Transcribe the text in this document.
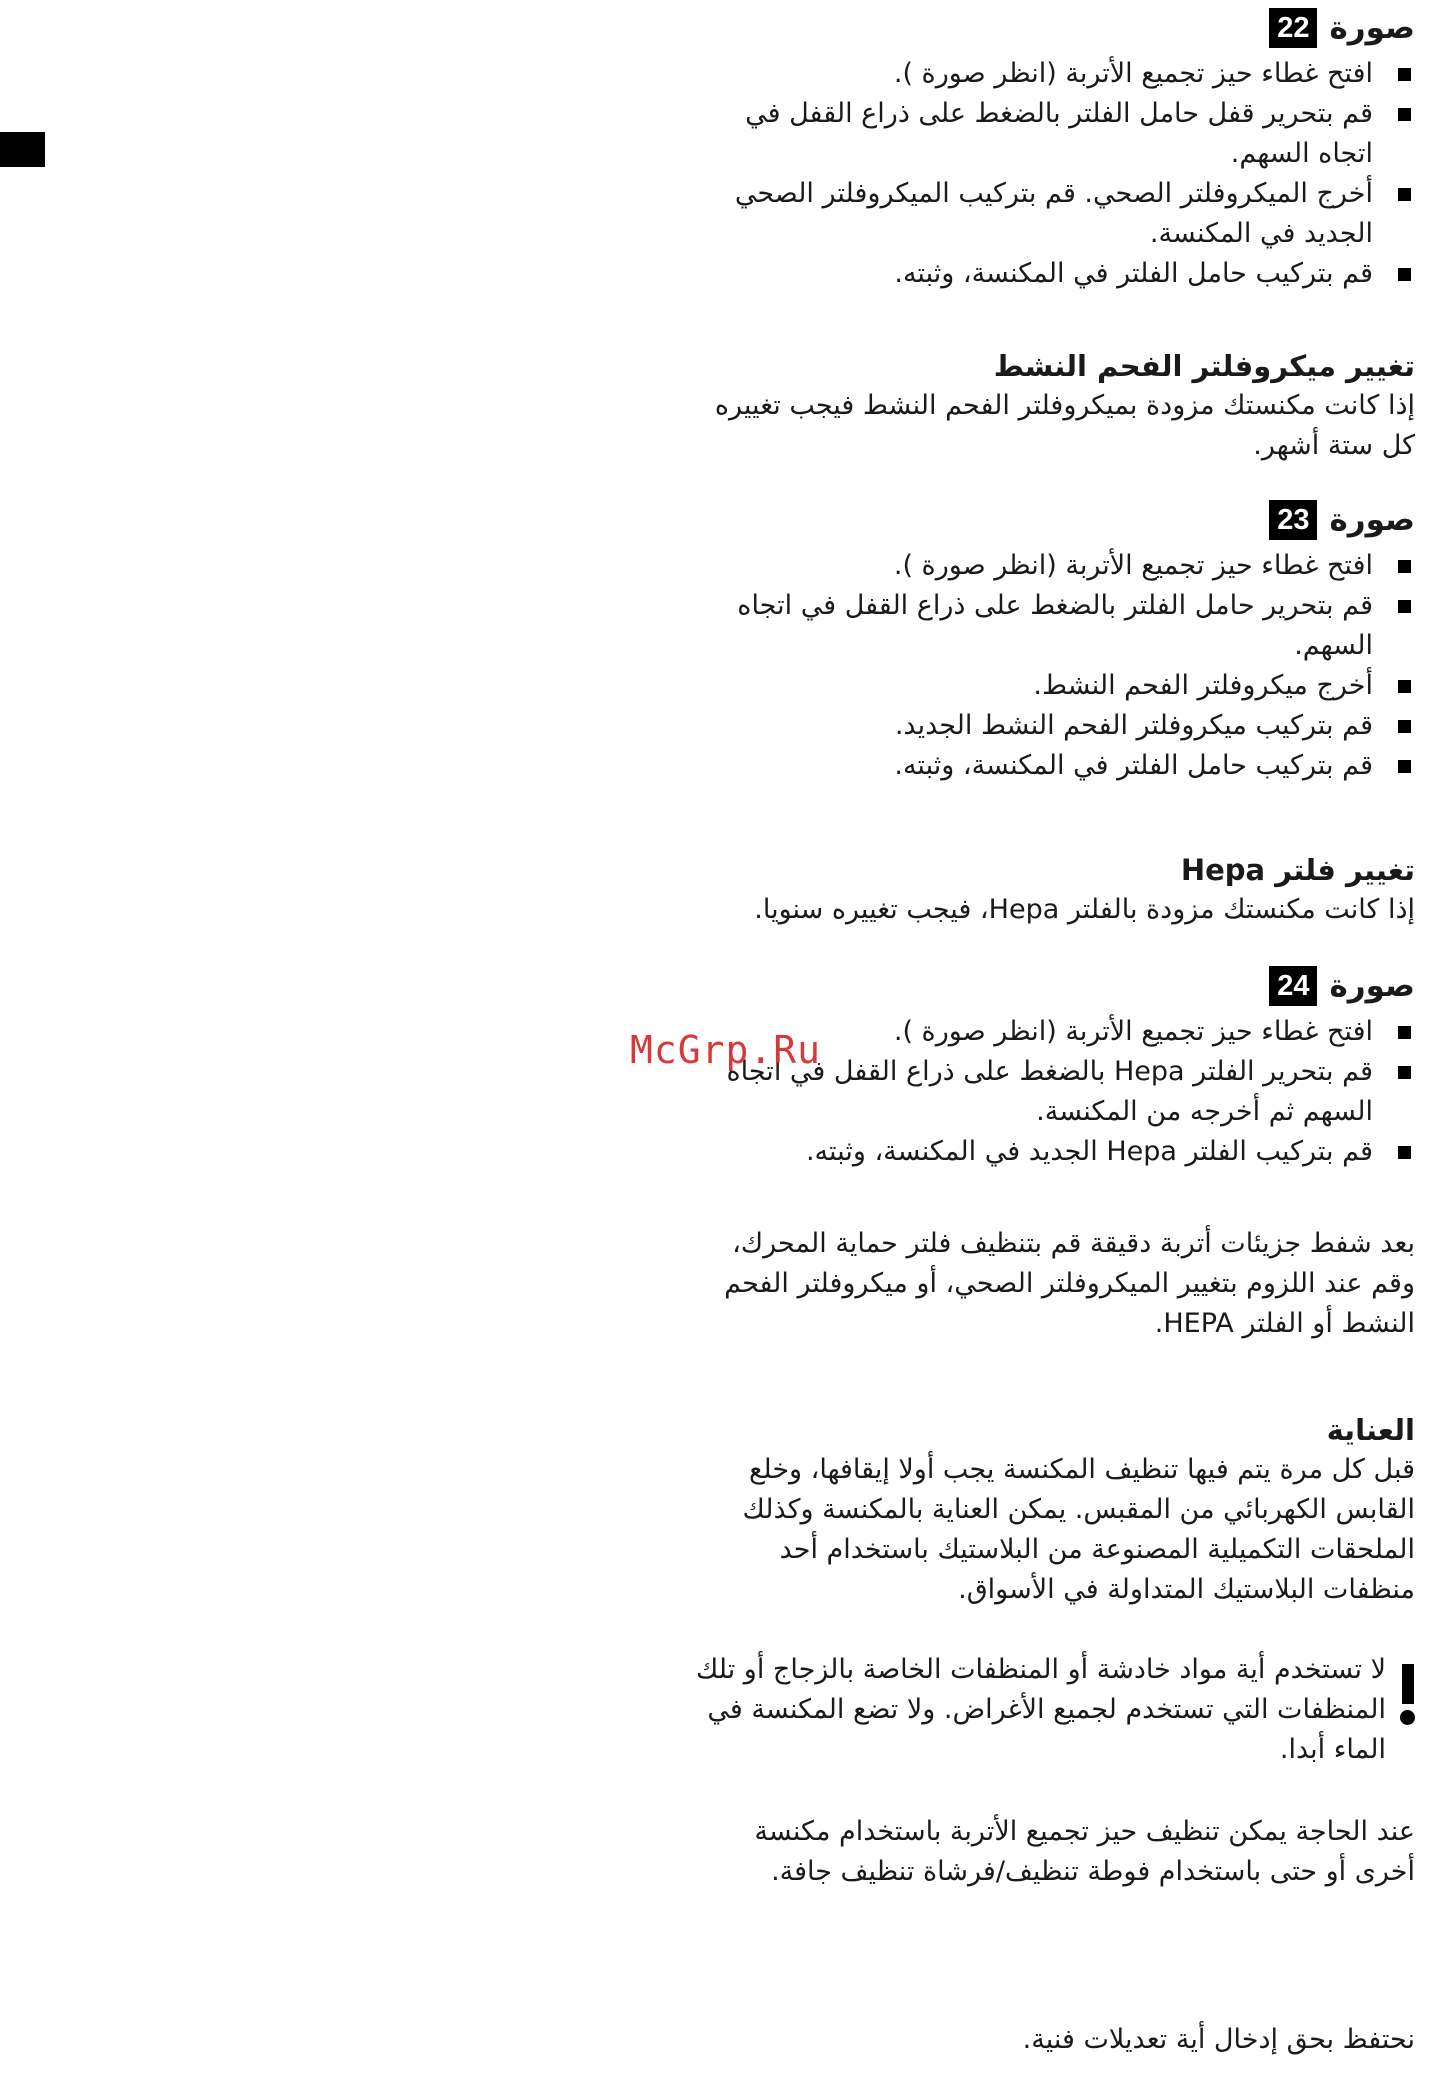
صورة
22
افتح غطاء حيز تجميع الأتربة (انظر صورة ).
قم بتحرير قفل حامل الفلتر بالضغط على ذراع القفل في اتجاه السهم.
أخرج الميكروفلتر الصحي. قم بتركيب الميكروفلتر الصحي الجديد في المكنسة.
قم بتركيب حامل الفلتر في المكنسة، وثبته.
تغيير ميكروفلتر الفحم النشط
إذا كانت مكنستك مزودة بميكروفلتر الفحم النشط فيجب تغييره كل ستة أشهر.
صورة
23
افتح غطاء حيز تجميع الأتربة (انظر صورة ).
قم بتحرير حامل الفلتر بالضغط على ذراع القفل في اتجاه السهم.
أخرج ميكروفلتر الفحم النشط.
قم بتركيب ميكروفلتر الفحم النشط الجديد.
قم بتركيب حامل الفلتر في المكنسة، وثبته.
تغيير فلتر Hepa
إذا كانت مكنستك مزودة بالفلتر Hepa، فيجب تغييره سنويا.
صورة
24
افتح غطاء حيز تجميع الأتربة (انظر صورة ).
قم بتحرير الفلتر Hepa بالضغط على ذراع القفل في اتجاه السهم ثم أخرجه من المكنسة.
قم بتركيب الفلتر Hepa الجديد في المكنسة، وثبته.
بعد شفط جزيئات أتربة دقيقة قم بتنظيف فلتر حماية المحرك، وقم عند اللزوم بتغيير الميكروفلتر الصحي، أو ميكروفلتر الفحم النشط أو الفلتر HEPA.
العناية
قبل كل مرة يتم فيها تنظيف المكنسة يجب أولا إيقافها، وخلع القابس الكهربائي من المقبس. يمكن العناية بالمكنسة وكذلك الملحقات التكميلية المصنوعة من البلاستيك باستخدام أحد منظفات البلاستيك المتداولة في الأسواق.
لا تستخدم أية مواد خادشة أو المنظفات الخاصة بالزجاج أو تلك المنظفات التي تستخدم لجميع الأغراض. ولا تضع المكنسة في الماء أبدا.
عند الحاجة يمكن تنظيف حيز تجميع الأتربة باستخدام مكنسة أخرى أو حتى باستخدام فوطة تنظيف/فرشاة تنظيف جافة.
McGrp.Ru
نحتفظ بحق إدخال أية تعديلات فنية.
